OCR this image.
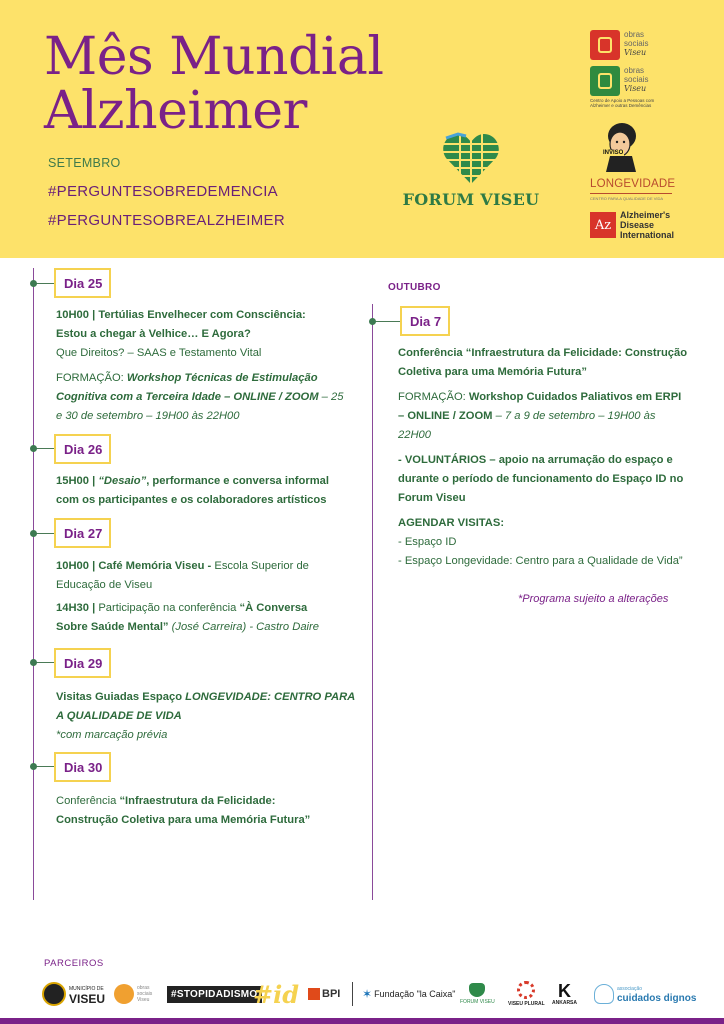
Mês Mundial
Alzheimer
SETEMBRO
#PERGUNTESOBREDEMENCIA
#PERGUNTESOBREALZHEIMER
FORUM VISEU
obras
sociais
Viseu
obras
sociais
Viseu
Centro de Apoio a Pessoas com Alzheimer e outras Demências
INVISO
LONGEVIDADE
CENTRO PARA A QUALIDADE DE VIDA
Az
Alzheimer's
Disease
International
Dia 25

10H00 | Tertúlias Envelhecer com Consciência:

Estou a chegar à Velhice… E Agora?

Que Direitos? – SAAS e Testamento Vital

FORMAÇÃO: Workshop Técnicas de Estimulação

Cognitiva com a Terceira Idade – ONLINE / ZOOM – 25

e 30 de setembro – 19H00 às 22H00

Dia 26

15H00 | “Desaio”, performance e conversa informal

com os participantes e os colaboradores artísticos

Dia 27

10H00 | Café Memória Viseu - Escola Superior de

Educação de Viseu

14H30 | Participação na conferência “À Conversa

Sobre Saúde Mental” (José Carreira) - Castro Daire

Dia 29

Visitas Guiadas Espaço LONGEVIDADE: CENTRO PARA

A QUALIDADE DE VIDA

*com marcação prévia

Dia 30

Conferência “Infraestrutura da Felicidade:

Construção Coletiva para uma Memória Futura”

OUTUBRO
Dia 7

Conferência “Infraestrutura da Felicidade: Construção

Coletiva para uma Memória Futura”

FORMAÇÃO: Workshop Cuidados Paliativos em ERPI

– ONLINE / ZOOM – 7 a 9 de setembro – 19H00 às

22H00

- VOLUNTÁRIOS – apoio na arrumação do espaço e

durante o período de funcionamento do Espaço ID no

Forum Viseu

AGENDAR VISITAS:

- Espaço ID

- Espaço Longevidade: Centro para a Qualidade de Vida”

*Programa sujeito a alterações
PARCEIROS
MUNICÍPIO DE
VISEU
obras sociais Viseu
#STOPIDADISMO
#id BPI ✶ Fundação "la Caixa"
FORUM VISEU	VISEU PLURAL
K
ANKARSA
associação
cuidados dignos
